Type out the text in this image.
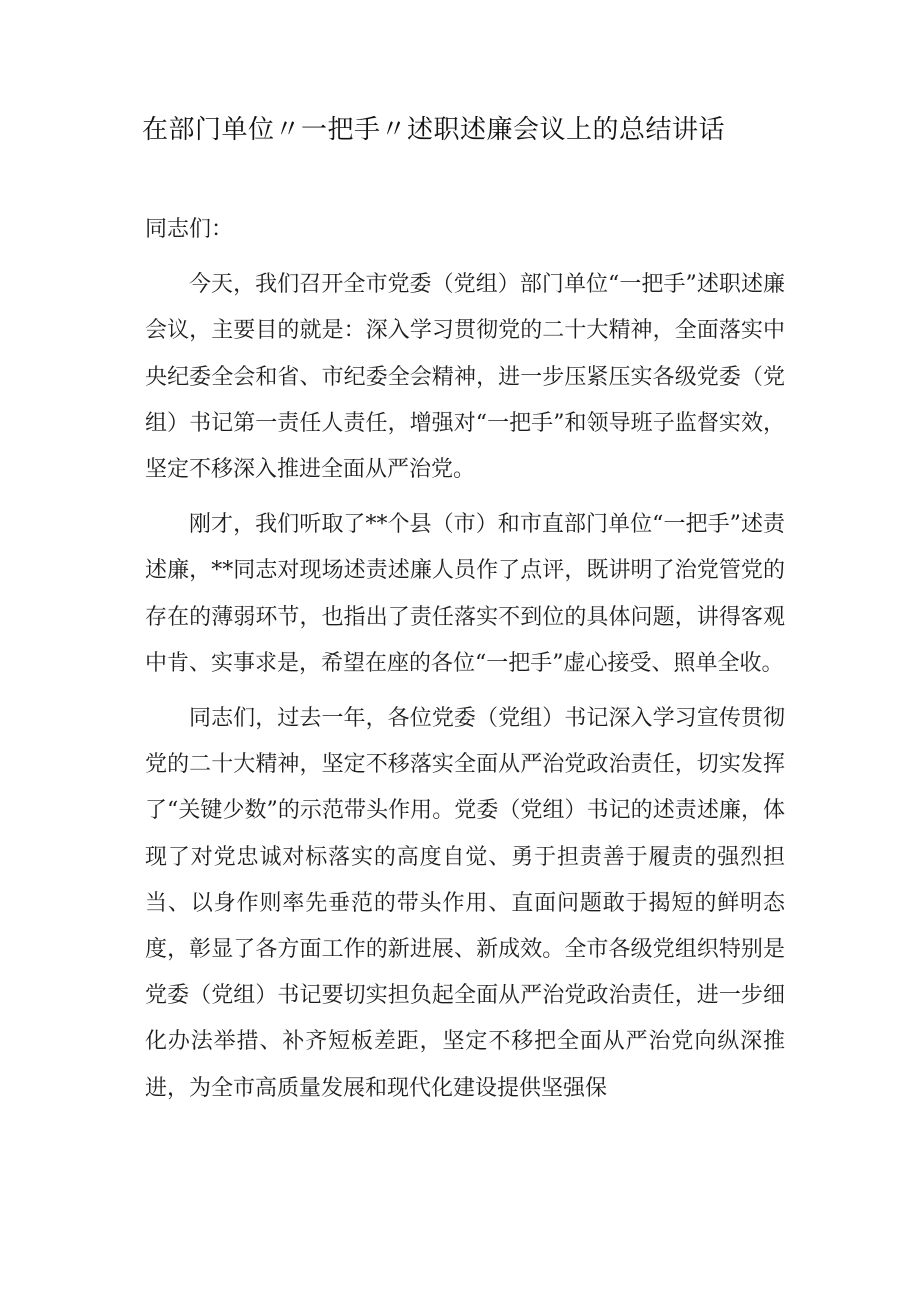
在部门单位〃一把手〃述职述廉会议上的总结讲话

同志们：

今天，我们召开全市党委（党组）部门单位“一把手”述职述廉会议，主要目的就是：深入学习贯彻党的二十大精神，全面落实中央纪委全会和省、市纪委全会精神，进一步压紧压实各级党委（党组）书记第一责任人责任，增强对“一把手”和领导班子监督实效，坚定不移深入推进全面从严治党。

刚才，我们听取了**个县（市）和市直部门单位“一把手”述责述廉，**同志对现场述责述廉人员作了点评，既讲明了治党管党的存在的薄弱环节，也指出了责任落实不到位的具体问题，讲得客观中肯、实事求是，希望在座的各位“一把手”虚心接受、照单全收。

同志们，过去一年，各位党委（党组）书记深入学习宣传贯彻党的二十大精神，坚定不移落实全面从严治党政治责任，切实发挥了“关键少数”的示范带头作用。党委（党组）书记的述责述廉，体现了对党忠诚对标落实的高度自觉、勇于担责善于履责的强烈担当、以身作则率先垂范的带头作用、直面问题敢于揭短的鲜明态度，彰显了各方面工作的新进展、新成效。全市各级党组织特别是党委（党组）书记要切实担负起全面从严治党政治责任，进一步细化办法举措、补齐短板差距，坚定不移把全面从严治党向纵深推进，为全市高质量发展和现代化建设提供坚强保
